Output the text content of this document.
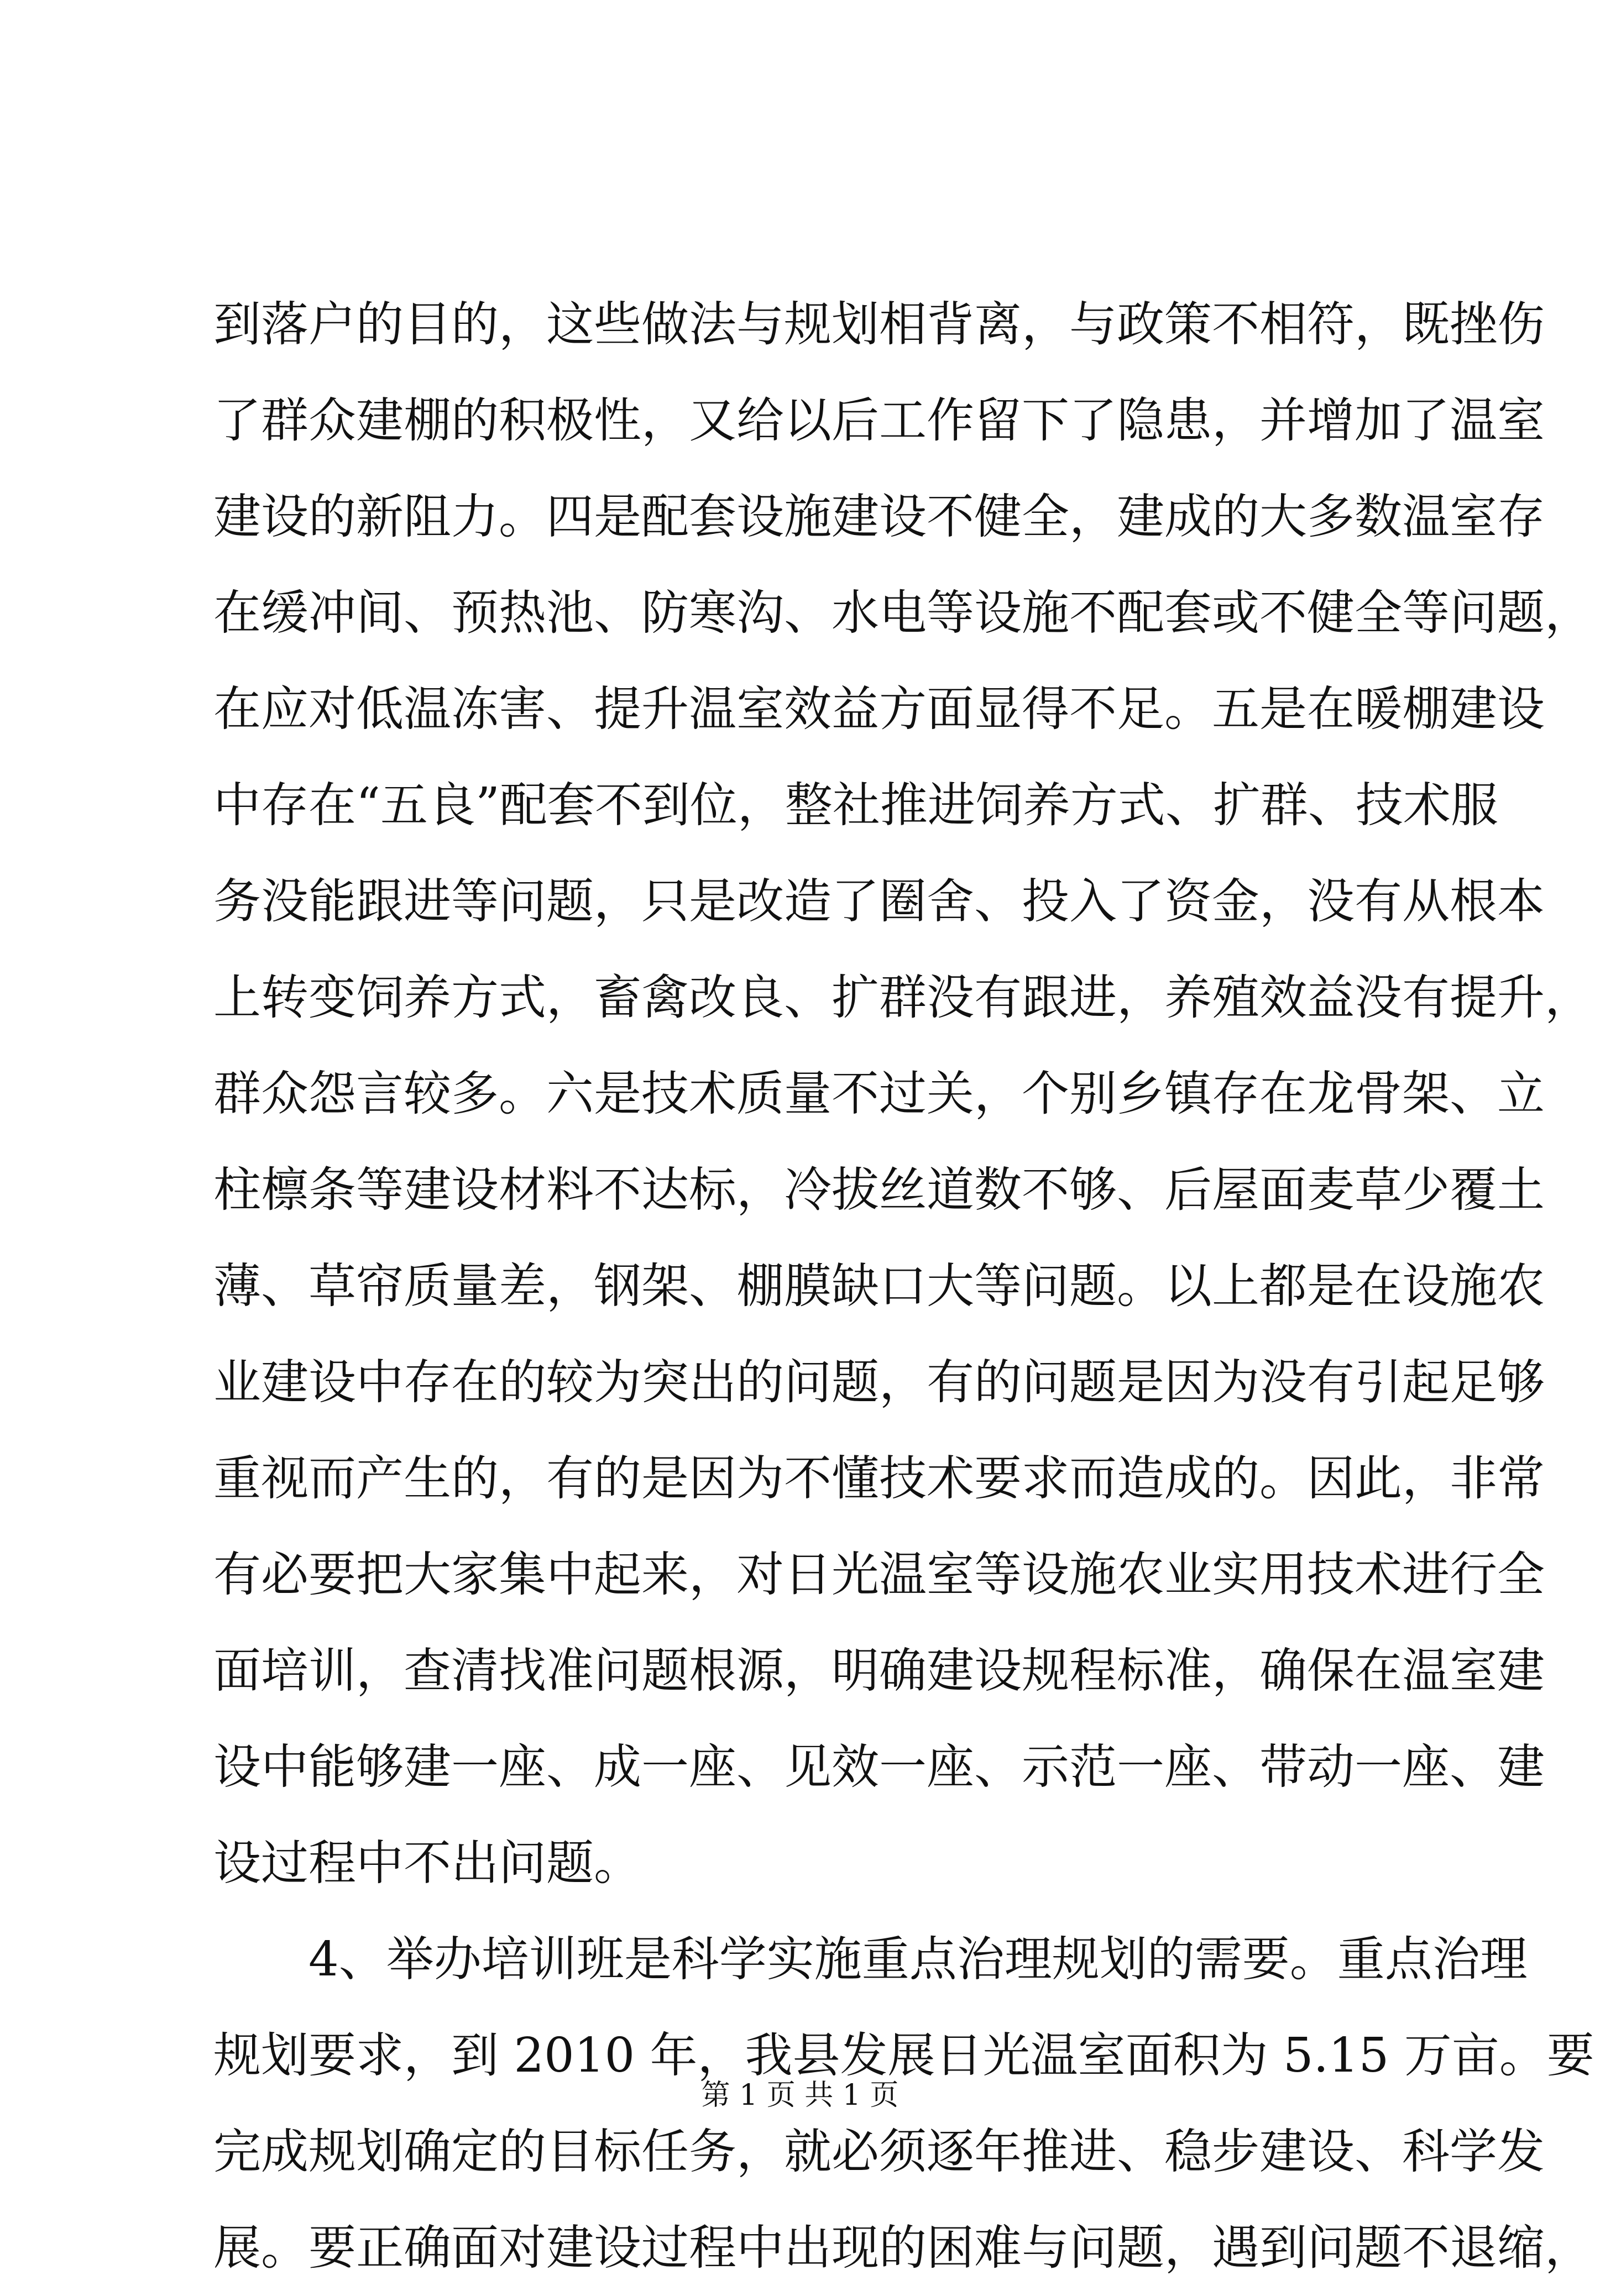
到落户的目的，这些做法与规划相背离，与政策不相符，既挫伤
了群众建棚的积极性，又给以后工作留下了隐患，并增加了温室
建设的新阻力。四是配套设施建设不健全，建成的大多数温室存
在缓冲间、预热池、防寒沟、水电等设施不配套或不健全等问题，
在应对低温冻害、提升温室效益方面显得不足。五是在暖棚建设
中存在“五良”配套不到位，整社推进饲养方式、扩群、技术服
务没能跟进等问题，只是改造了圈舍、投入了资金，没有从根本
上转变饲养方式，畜禽改良、扩群没有跟进，养殖效益没有提升，
群众怨言较多。六是技术质量不过关，个别乡镇存在龙骨架、立
柱檩条等建设材料不达标，冷拔丝道数不够、后屋面麦草少覆土
薄、草帘质量差，钢架、棚膜缺口大等问题。以上都是在设施农
业建设中存在的较为突出的问题，有的问题是因为没有引起足够
重视而产生的，有的是因为不懂技术要求而造成的。因此，非常
有必要把大家集中起来，对日光温室等设施农业实用技术进行全
面培训，查清找准问题根源，明确建设规程标准，确保在温室建
设中能够建一座、成一座、见效一座、示范一座、带动一座、建
设过程中不出问题。
　　4、举办培训班是科学实施重点治理规划的需要。重点治理
规划要求，到 2010 年，我县发展日光温室面积为 5.15 万亩。要
完成规划确定的目标任务，就必须逐年推进、稳步建设、科学发
展。要正确面对建设过程中出现的困难与问题，遇到问题不退缩，
第 1 页 共 1 页
